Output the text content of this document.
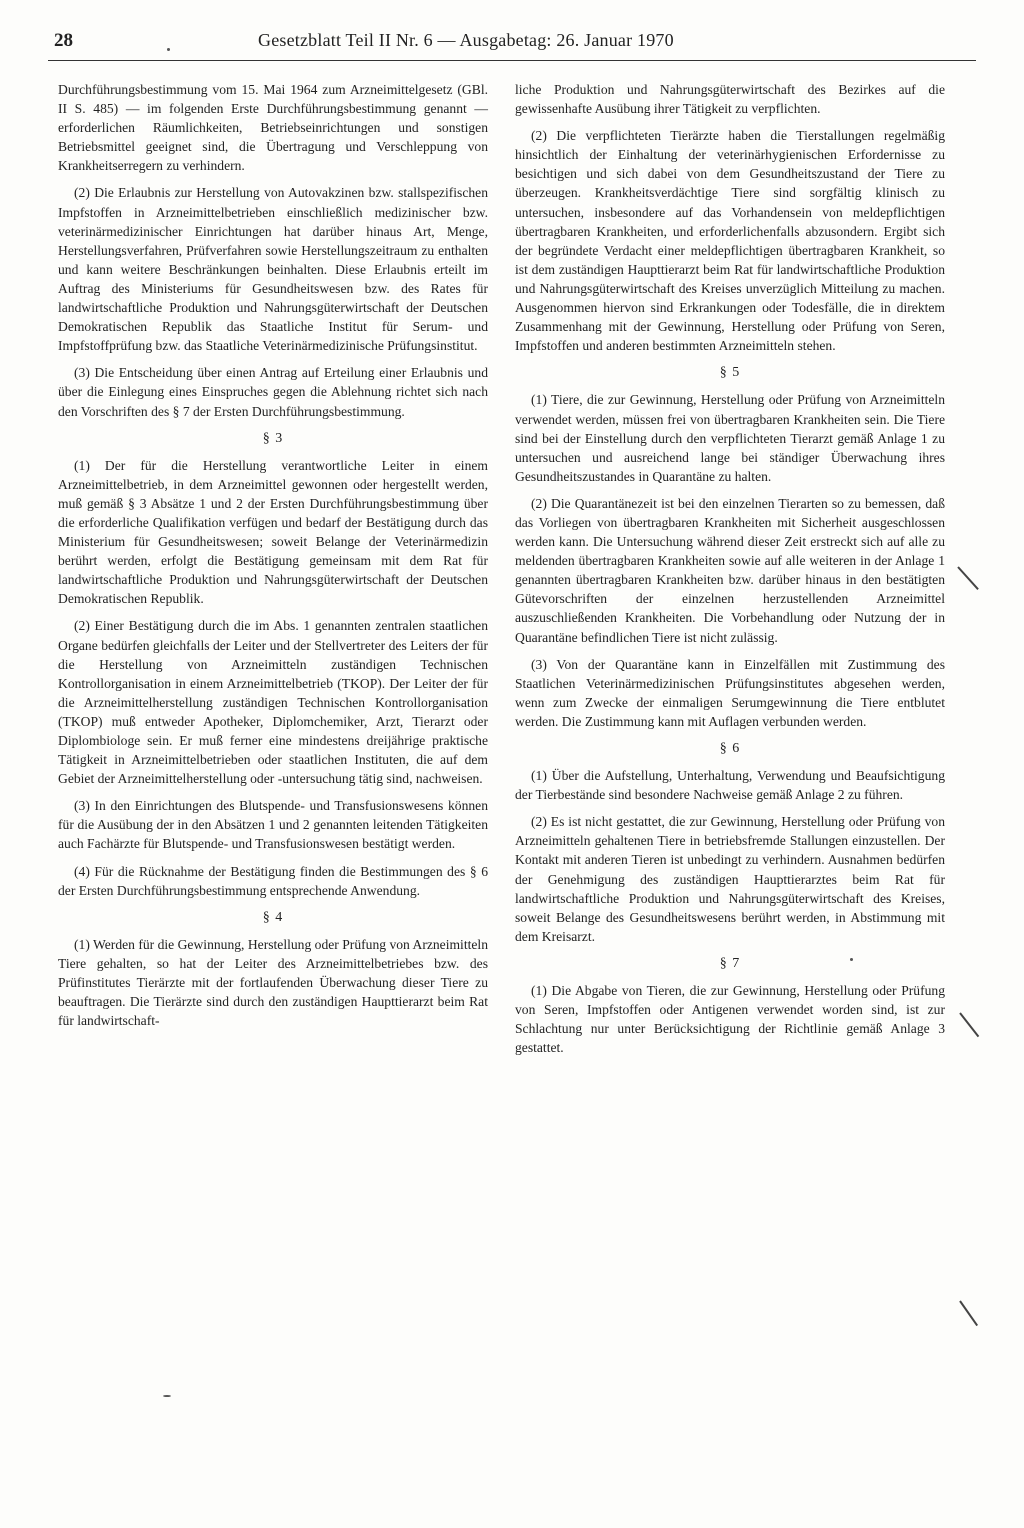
28	Gesetzblatt Teil II Nr. 6 — Ausgabetag: 26. Januar 1970

Durchführungsbestimmung vom 15. Mai 1964 zum Arzneimittelgesetz (GBl. II S. 485) — im folgenden Erste Durchführungsbestimmung genannt — erforderlichen Räumlichkeiten, Betriebseinrichtungen und sonstigen Betriebsmittel geeignet sind, die Übertragung und Verschleppung von Krankheitserregern zu verhindern.

(2) Die Erlaubnis zur Herstellung von Autovakzinen bzw. stallspezifischen Impfstoffen in Arzneimittelbetrieben einschließlich medizinischer bzw. veterinärmedizinischer Einrichtungen hat darüber hinaus Art, Menge, Herstellungsverfahren, Prüfverfahren sowie Herstellungszeitraum zu enthalten und kann weitere Beschränkungen beinhalten. Diese Erlaubnis erteilt im Auftrag des Ministeriums für Gesundheitswesen bzw. des Rates für landwirtschaftliche Produktion und Nahrungsgüterwirtschaft der Deutschen Demokratischen Republik das Staatliche Institut für Serum- und Impfstoffprüfung bzw. das Staatliche Veterinärmedizinische Prüfungsinstitut.

(3) Die Entscheidung über einen Antrag auf Erteilung einer Erlaubnis und über die Einlegung eines Einspruches gegen die Ablehnung richtet sich nach den Vorschriften des § 7 der Ersten Durchführungsbestimmung.

§ 3

(1) Der für die Herstellung verantwortliche Leiter in einem Arzneimittelbetrieb, in dem Arzneimittel gewonnen oder hergestellt werden, muß gemäß § 3 Absätze 1 und 2 der Ersten Durchführungsbestimmung über die erforderliche Qualifikation verfügen und bedarf der Bestätigung durch das Ministerium für Gesundheitswesen; soweit Belange der Veterinärmedizin berührt werden, erfolgt die Bestätigung gemeinsam mit dem Rat für landwirtschaftliche Produktion und Nahrungsgüterwirtschaft der Deutschen Demokratischen Republik.

(2) Einer Bestätigung durch die im Abs. 1 genannten zentralen staatlichen Organe bedürfen gleichfalls der Leiter und der Stellvertreter des Leiters der für die Herstellung von Arzneimitteln zuständigen Technischen Kontrollorganisation in einem Arzneimittelbetrieb (TKOP). Der Leiter der für die Arzneimittelherstellung zuständigen Technischen Kontrollorganisation (TKOP) muß entweder Apotheker, Diplomchemiker, Arzt, Tierarzt oder Diplombiologe sein. Er muß ferner eine mindestens dreijährige praktische Tätigkeit in Arzneimittelbetrieben oder staatlichen Instituten, die auf dem Gebiet der Arzneimittelherstellung oder -untersuchung tätig sind, nachweisen.

(3) In den Einrichtungen des Blutspende- und Transfusionswesens können für die Ausübung der in den Absätzen 1 und 2 genannten leitenden Tätigkeiten auch Fachärzte für Blutspende- und Transfusionswesen bestätigt werden.

(4) Für die Rücknahme der Bestätigung finden die Bestimmungen des § 6 der Ersten Durchführungsbestimmung entsprechende Anwendung.

§ 4

(1) Werden für die Gewinnung, Herstellung oder Prüfung von Arzneimitteln Tiere gehalten, so hat der Leiter des Arzneimittelbetriebes bzw. des Prüfinstitutes Tierärzte mit der fortlaufenden Überwachung dieser Tiere zu beauftragen. Die Tierärzte sind durch den zuständigen Haupttierarzt beim Rat für landwirtschaft-

liche Produktion und Nahrungsgüterwirtschaft des Bezirkes auf die gewissenhafte Ausübung ihrer Tätigkeit zu verpflichten.

(2) Die verpflichteten Tierärzte haben die Tierstallungen regelmäßig hinsichtlich der Einhaltung der veterinärhygienischen Erfordernisse zu besichtigen und sich dabei von dem Gesundheitszustand der Tiere zu überzeugen. Krankheitsverdächtige Tiere sind sorgfältig klinisch zu untersuchen, insbesondere auf das Vorhandensein von meldepflichtigen übertragbaren Krankheiten, und erforderlichenfalls abzusondern. Ergibt sich der begründete Verdacht einer meldepflichtigen übertragbaren Krankheit, so ist dem zuständigen Haupttierarzt beim Rat für landwirtschaftliche Produktion und Nahrungsgüterwirtschaft des Kreises unverzüglich Mitteilung zu machen. Ausgenommen hiervon sind Erkrankungen oder Todesfälle, die in direktem Zusammenhang mit der Gewinnung, Herstellung oder Prüfung von Seren, Impfstoffen und anderen bestimmten Arzneimitteln stehen.

§ 5

(1) Tiere, die zur Gewinnung, Herstellung oder Prüfung von Arzneimitteln verwendet werden, müssen frei von übertragbaren Krankheiten sein. Die Tiere sind bei der Einstellung durch den verpflichteten Tierarzt gemäß Anlage 1 zu untersuchen und ausreichend lange bei ständiger Überwachung ihres Gesundheitszustandes in Quarantäne zu halten.

(2) Die Quarantänezeit ist bei den einzelnen Tierarten so zu bemessen, daß das Vorliegen von übertragbaren Krankheiten mit Sicherheit ausgeschlossen werden kann. Die Untersuchung während dieser Zeit erstreckt sich auf alle zu meldenden übertragbaren Krankheiten sowie auf alle weiteren in der Anlage 1 genannten übertragbaren Krankheiten bzw. darüber hinaus in den bestätigten Gütevorschriften der einzelnen herzustellenden Arzneimittel auszuschließenden Krankheiten. Die Vorbehandlung oder Nutzung der in Quarantäne befindlichen Tiere ist nicht zulässig.

(3) Von der Quarantäne kann in Einzelfällen mit Zustimmung des Staatlichen Veterinärmedizinischen Prüfungsinstitutes abgesehen werden, wenn zum Zwecke der einmaligen Serumgewinnung die Tiere entblutet werden. Die Zustimmung kann mit Auflagen verbunden werden.

§ 6

(1) Über die Aufstellung, Unterhaltung, Verwendung und Beaufsichtigung der Tierbestände sind besondere Nachweise gemäß Anlage 2 zu führen.

(2) Es ist nicht gestattet, die zur Gewinnung, Herstellung oder Prüfung von Arzneimitteln gehaltenen Tiere in betriebsfremde Stallungen einzustellen. Der Kontakt mit anderen Tieren ist unbedingt zu verhindern. Ausnahmen bedürfen der Genehmigung des zuständigen Haupttierarztes beim Rat für landwirtschaftliche Produktion und Nahrungsgüterwirtschaft des Kreises, soweit Belange des Gesundheitswesens berührt werden, in Abstimmung mit dem Kreisarzt.

§ 7

(1) Die Abgabe von Tieren, die zur Gewinnung, Herstellung oder Prüfung von Seren, Impfstoffen oder Antigenen verwendet worden sind, ist zur Schlachtung nur unter Berücksichtigung der Richtlinie gemäß Anlage 3 gestattet.
